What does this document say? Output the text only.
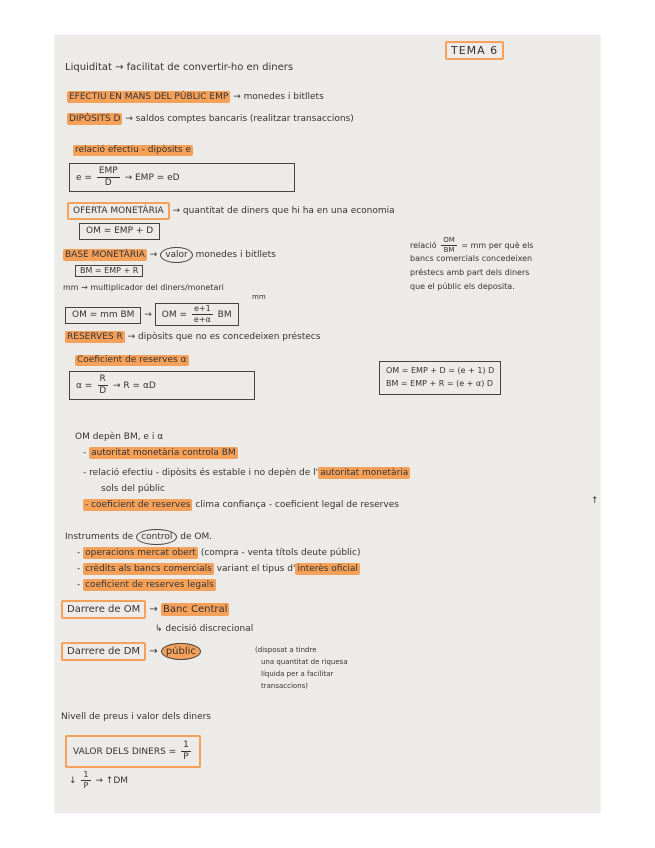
TEMA 6
Liquiditat → facilitat de convertir-ho en diners
EFECTIU EN MANS DEL PÚBLIC EMP → monedes i bitllets
DIPÒSITS D → saldos comptes bancaris (realitzar transaccions)
relació efectiu - dipòsits e
$e = \frac{\text{EMP}}{D}$ → EMP = eD
OFERTA MONETÀRIA → quantitat de diners que hi ha en una economia
OM = EMP + D
relació $\frac{OM}{BM}$ = mm per què els
bancs comercials concedeixen
préstecs amb part dels diners
que el públic els deposita.
BASE MONETÀRIA → valor monedes i bitllets
BM = EMP + R
mm → multiplicador del diners/monetari
mm
OM = mm BM → OM = $\frac{e+1}{e+\alpha}$ BM
RESERVES R → dipòsits que no es concedeixen préstecs
Coeficient de reserves α
$\alpha = \frac{R}{D} \to R = \alpha D$
OM = EMP + D = (e + 1) D
BM = EMP + R = (e + α) D
OM depèn BM, e i α
- autoritat monetària controla BM
- relació efectiu - dipòsits és estable i no depèn de l' autoritat monetària
sols del públic
- coeficient de reserves clima confiança - coeficient legal de reserves	↑
Instruments de control de OM.
- operacions mercat obert (compra - venta títols deute públic)
- crèdits als bancs comercials variant el tipus d' interès oficial
- coeficient de reserves legals
Darrere de OM → Banc Central
↳ decisió discrecional
Darrere de DM → públic	(disposat a tindre
una quantitat de riquesa
líquida per a facilitar
transaccions)
Nivell de preus i valor dels diners
VALOR DELS DINERS = $\frac{1}{P}$
↓ $\frac{1}{P}$ → ↑DM
